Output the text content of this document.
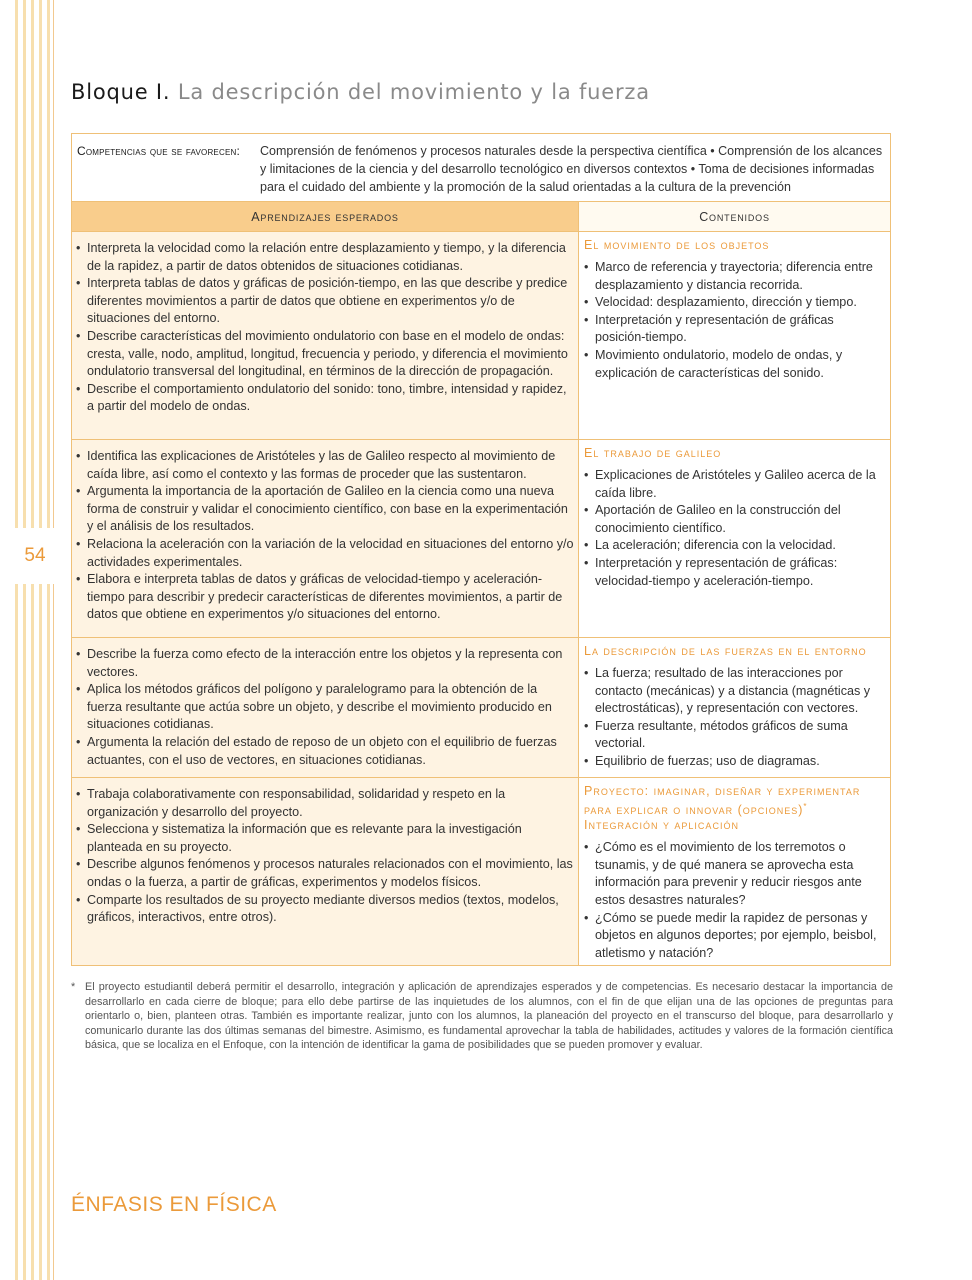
54
Bloque I. La descripción del movimiento y la fuerza
Competencias que se favorecen: Comprensión de fenómenos y procesos naturales desde la perspectiva científica • Comprensión de los alcances y limitaciones de la ciencia y del desarrollo tecnológico en diversos contextos • Toma de decisiones informadas para el cuidado del ambiente y la promoción de la salud orientadas a la cultura de la prevención
Aprendizajes esperados	Contenidos
• Interpreta la velocidad como la relación entre desplazamiento y tiempo, y la diferencia de la rapidez, a partir de datos obtenidos de situaciones cotidianas.
• Interpreta tablas de datos y gráficas de posición-tiempo, en las que describe y predice diferentes movimientos a partir de datos que obtiene en experimentos y/o de situaciones del entorno.
• Describe características del movimiento ondulatorio con base en el modelo de ondas: cresta, valle, nodo, amplitud, longitud, frecuencia y periodo, y diferencia el movimiento ondulatorio transversal del longitudinal, en términos de la dirección de propagación.
• Describe el comportamiento ondulatorio del sonido: tono, timbre, intensidad y rapidez, a partir del modelo de ondas.
El movimiento de los objetos
• Marco de referencia y trayectoria; diferencia entre desplazamiento y distancia recorrida.
• Velocidad: desplazamiento, dirección y tiempo.
• Interpretación y representación de gráficas posición-tiempo.
• Movimiento ondulatorio, modelo de ondas, y explicación de características del sonido.
• Identifica las explicaciones de Aristóteles y las de Galileo respecto al movimiento de caída libre, así como el contexto y las formas de proceder que las sustentaron.
• Argumenta la importancia de la aportación de Galileo en la ciencia como una nueva forma de construir y validar el conocimiento científico, con base en la experimentación y el análisis de los resultados.
• Relaciona la aceleración con la variación de la velocidad en situaciones del entorno y/o actividades experimentales.
• Elabora e interpreta tablas de datos y gráficas de velocidad-tiempo y aceleración-tiempo para describir y predecir características de diferentes movimientos, a partir de datos que obtiene en experimentos y/o situaciones del entorno.
El trabajo de galileo
• Explicaciones de Aristóteles y Galileo acerca de la caída libre.
• Aportación de Galileo en la construcción del conocimiento científico.
• La aceleración; diferencia con la velocidad.
• Interpretación y representación de gráficas: velocidad-tiempo y aceleración-tiempo.
• Describe la fuerza como efecto de la interacción entre los objetos y la representa con vectores.
• Aplica los métodos gráficos del polígono y paralelogramo para la obtención de la fuerza resultante que actúa sobre un objeto, y describe el movimiento producido en situaciones cotidianas.
• Argumenta la relación del estado de reposo de un objeto con el equilibrio de fuerzas actuantes, con el uso de vectores, en situaciones cotidianas.
La descripción de las fuerzas en el entorno
• La fuerza; resultado de las interacciones por contacto (mecánicas) y a distancia (magnéticas y electrostáticas), y representación con vectores.
• Fuerza resultante, métodos gráficos de suma vectorial.
• Equilibrio de fuerzas; uso de diagramas.
• Trabaja colaborativamente con responsabilidad, solidaridad y respeto en la organización y desarrollo del proyecto.
• Selecciona y sistematiza la información que es relevante para la investigación planteada en su proyecto.
• Describe algunos fenómenos y procesos naturales relacionados con el movimiento, las ondas o la fuerza, a partir de gráficas, experimentos y modelos físicos.
• Comparte los resultados de su proyecto mediante diversos medios (textos, modelos, gráficos, interactivos, entre otros).
Proyecto: imaginar, diseñar y experimentar para explicar o innovar (opciones)* Integración y aplicación
• ¿Cómo es el movimiento de los terremotos o tsunamis, y de qué manera se aprovecha esta información para prevenir y reducir riesgos ante estos desastres naturales?
• ¿Cómo se puede medir la rapidez de personas y objetos en algunos deportes; por ejemplo, beisbol, atletismo y natación?
* El proyecto estudiantil deberá permitir el desarrollo, integración y aplicación de aprendizajes esperados y de competencias. Es necesario destacar la importancia de desarrollarlo en cada cierre de bloque; para ello debe partirse de las inquietudes de los alumnos, con el fin de que elijan una de las opciones de preguntas para orientarlo o, bien, planteen otras. También es importante realizar, junto con los alumnos, la planeación del proyecto en el transcurso del bloque, para desarrollarlo y comunicarlo durante las dos últimas semanas del bimestre. Asimismo, es fundamental aprovechar la tabla de habilidades, actitudes y valores de la formación científica básica, que se localiza en el Enfoque, con la intención de identificar la gama de posibilidades que se pueden promover y evaluar.
ÉNFASIS EN FÍSICA
